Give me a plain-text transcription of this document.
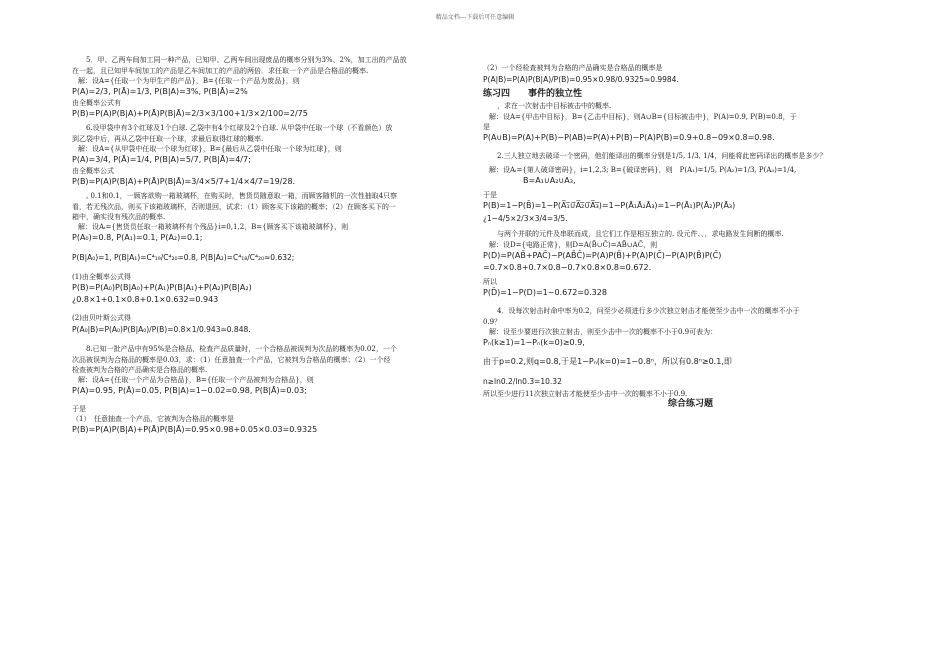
精品文档---下载后可任意编辑
5．甲、乙两车间加工同一种产品，已知甲、乙两车间出现废品的概率分别为3%、2%，加工出的产品放
在一起，且已知甲车间加工的产品是乙车间加工的产品的两倍．求任取一个产品是合格品的概率.
解：设A={任取一个为甲生产的产品}，B={任取一个产品为废品}，则
P(A)=2/3, P(Ā)=1/3, P(B|A)=3%, P(B|Ā)=2%
由全概率公式有
P(B)=P(A)P(B|A)+P(Ā)P(B|Ā)=2/3×3/100+1/3×2/100=2/75
6.设甲袋中有3个红球及1个白球. 乙袋中有4个红球及2个白球. 从甲袋中任取一个球（不看颜色）放
到乙袋中后，再从乙袋中任取一个球，求最后取得红球的概率.
解：设A={从甲袋中任取一个球为红球}，B={最后从乙袋中任取一个球为红球}，则
P(A)=3/4, P(Ā)=1/4, P(B|A)=5/7, P(B|Ā)=4/7;
由全概率公式
P(B)=P(A)P(B|A)+P(Ā)P(B|Ā)=3/4×5/7+1/4×4/7=19/28.
, 0.1和0.1，一顾客欲购一箱玻璃杯，在购买时，售货员随意取一箱，而顾客随机的一次性抽取4只察
看，若无残次品，则买下该箱玻璃杯，否则退回，试求：（1）顾客买下该箱的概率；（2）在顾客买下的一
箱中，确实没有残次品的概率.
解：设Aᵢ={售货员任取一箱玻璃杯有个残品}i=0,1,2，B={顾客买下该箱玻璃杯}，则
P(A₀)=0.8, P(A₁)=0.1, P(A₂)=0.1;
P(B|A₀)=1, P(B|A₁)=C⁴₁₉/C⁴₂₀=0.8, P(B|A₂)=C⁴₁₈/C⁴₂₀≈0.632;
(1)由全概率公式得
P(B)=P(A₀)P(B|A₀)+P(A₁)P(B|A₁)+P(A₂)P(B|A₂)
¿0.8×1+0.1×0.8+0.1×0.632=0.943
(2)由贝叶斯公式得
P(A₀|B)=P(A₀)P(B|A₀)/P(B)=0.8×1/0.943≈0.848.
8.已知一批产品中有95%是合格品，检查产品质量时，一个合格品被误判为次品的概率为0.02，一个
次品被误判为合格品的概率是0.03，求：（1）任意抽查一个产品，它被判为合格品的概率；（2）一个经
检查被判为合格的产品确实是合格品的概率.
解：设A={任取一个产品为合格品}，B={任取一个产品被判为合格品}，则
P(A)=0.95, P(Ā)=0.05, P(B|A)=1−0.02=0.98, P(B|Ā)=0.03;
于是
（1）　任意抽查一个产品，它被判为合格品的概率是
P(B)=P(A)P(B|A)+P(Ā)P(B|Ā)=0.95×0.98+0.05×0.03=0.9325
（2）一个经检查被判为合格的产品确实是合格品的概率是
P(A|B)=P(A)P(B|A)/P(B)=0.95×0.98/0.9325≈0.9984.
练习四　　事件的独立性
，求在一次射击中目标被击中的概率.
解：设A={甲击中目标}，B={乙击中目标}，则A∪B={目标被击中}，P(A)=0.9, P(B)=0.8，于
是
P(A∪B)=P(A)+P(B)−P(AB)=P(A)+P(B)−P(A)P(B)=0.9+0.8−09×0.8=0.98.
2.三人独立地去破译一个密码，他们能译出的概率分别是1/5, 1/3, 1/4，问能将此密码译出的概率是多少？
解：设Aᵢ={第人破译密码}，i=1,2,3; B={破译密码}，则　P(A₁)=1/5, P(A₂)=1/3, P(A₃)=1/4,
B=A₁∪A₂∪A₃,
于是
P(B)=1−P(B̄)=1−P(A̅₁̅∪̅A̅₂̅∪̅A̅₃̅)=1−P(Ā₁Ā₂Ā₃)=1−P(Ā₁)P(Ā₂)P(Ā₃)
¿1−4/5×2/3×3/4=3/5.
与两个并联的元件及串联而成，且它们工作是相互独立的. 设元件、、，求电路发生间断的概率.
解：设D={电路正常}，则D=A(B̄∪C̄)=AB̄∪AC̄，则
P(D)=P(AB̄+PAC̄)−P(AB̄C̄)=P(A)P(B̄)+P(A)P(C̄)−P(A)P(B̄)P(C̄)
=0.7×0.8+0.7×0.8−0.7×0.8×0.8=0.672.
所以
P(D̄)=1−P(D)=1−0.672=0.328
4．设每次射击时命中率为0.2，问至少必须进行多少次独立射击才能使至少击中一次的概率不小于
0.9？
解：设至少要进行次独立射击，则至少击中一次的概率不小于0.9可表为：
Pₙ(k≥1)=1−Pₙ(k=0)≥0.9,
由于p=0.2,则q=0.8,于是1−Pₙ(k=0)=1−0.8ⁿ，所以有0.8ⁿ≥0.1,即
n≥ln0.2/ln0.3=10.32
所以至少进行11次独立射击才能使至少击中一次的概率不小于0.9.
综合练习题
